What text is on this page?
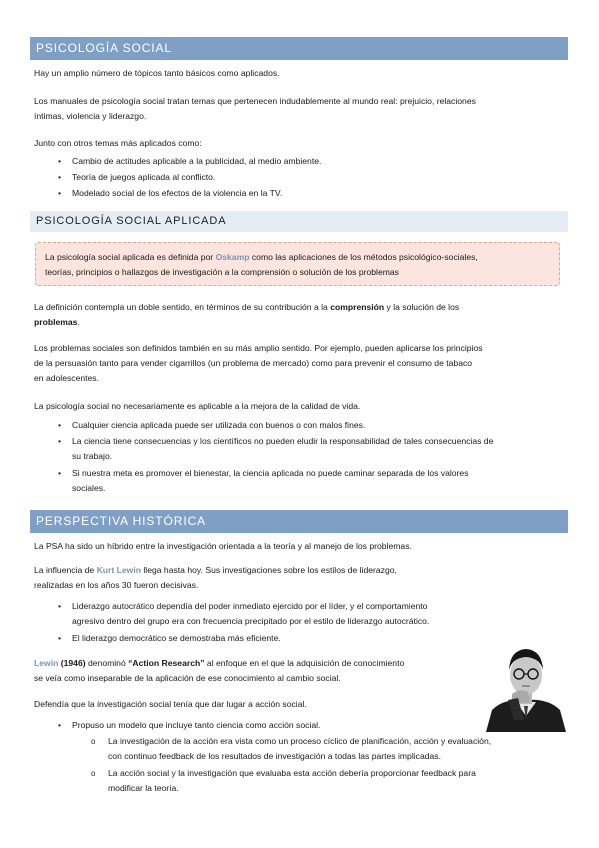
PSICOLOGÍA SOCIAL
Hay un amplio número de tópicos tanto básicos como aplicados.
Los manuales de psicología social tratan temas que pertenecen indudablemente al mundo real: prejuicio, relaciones
íntimas, violencia y liderazgo.
Junto con otros temas más aplicados como:
• Cambio de actitudes aplicable a la publicidad, al medio ambiente.
• Teoría de juegos aplicada al conflicto.
• Modelado social de los efectos de la violencia en la TV.
PSICOLOGÍA SOCIAL APLICADA
La psicología social aplicada es definida por Oskamp como las aplicaciones de los métodos psicológico-sociales,
teorías, principios o hallazgos de investigación a la comprensión o solución de los problemas
La definición contempla un doble sentido, en términos de su contribución a la comprensión y la solución de los
problemas.
Los problemas sociales son definidos también en su más amplio sentido. Por ejemplo, pueden aplicarse los principios
de la persuasión tanto para vender cigarrillos (un problema de mercado) como para prevenir el consumo de tabaco
en adolescentes.
La psicología social no necesariamente es aplicable a la mejora de la calidad de vida.
• Cualquier ciencia aplicada puede ser utilizada con buenos o con malos fines.
• La ciencia tiene consecuencias y los científicos no pueden eludir la responsabilidad de tales consecuencias de
su trabajo.
• Si nuestra meta es promover el bienestar, la ciencia aplicada no puede caminar separada de los valores
sociales.
PERSPECTIVA HISTÓRICA
La PSA ha sido un híbrido entre la investigación orientada a la teoría y al manejo de los problemas.
La influencia de Kurt Lewin llega hasta hoy. Sus investigaciones sobre los estilos de liderazgo,
realizadas en los años 30 fueron decisivas.
• Liderazgo autocrático dependía del poder inmediato ejercido por el líder, y el comportamiento
agresivo dentro del grupo era con frecuencia precipitado por el estilo de liderazgo autocrático.
• El liderazgo democrático se demostraba más eficiente.
Lewin (1946) denominó “Action Research” al enfoque en el que la adquisición de conocimiento
se veía como inseparable de la aplicación de ese conocimiento al cambio social.
Defendía que la investigación social tenía que dar lugar a acción social.
• Propuso un modelo que incluye tanto ciencia como acción social.
o La investigación de la acción era vista como un proceso cíclico de planificación, acción y evaluación,
con continuo feedback de los resultados de investigación a todas las partes implicadas.
o La acción social y la investigación que evaluaba esta acción debería proporcionar feedback para
modificar la teoría.
